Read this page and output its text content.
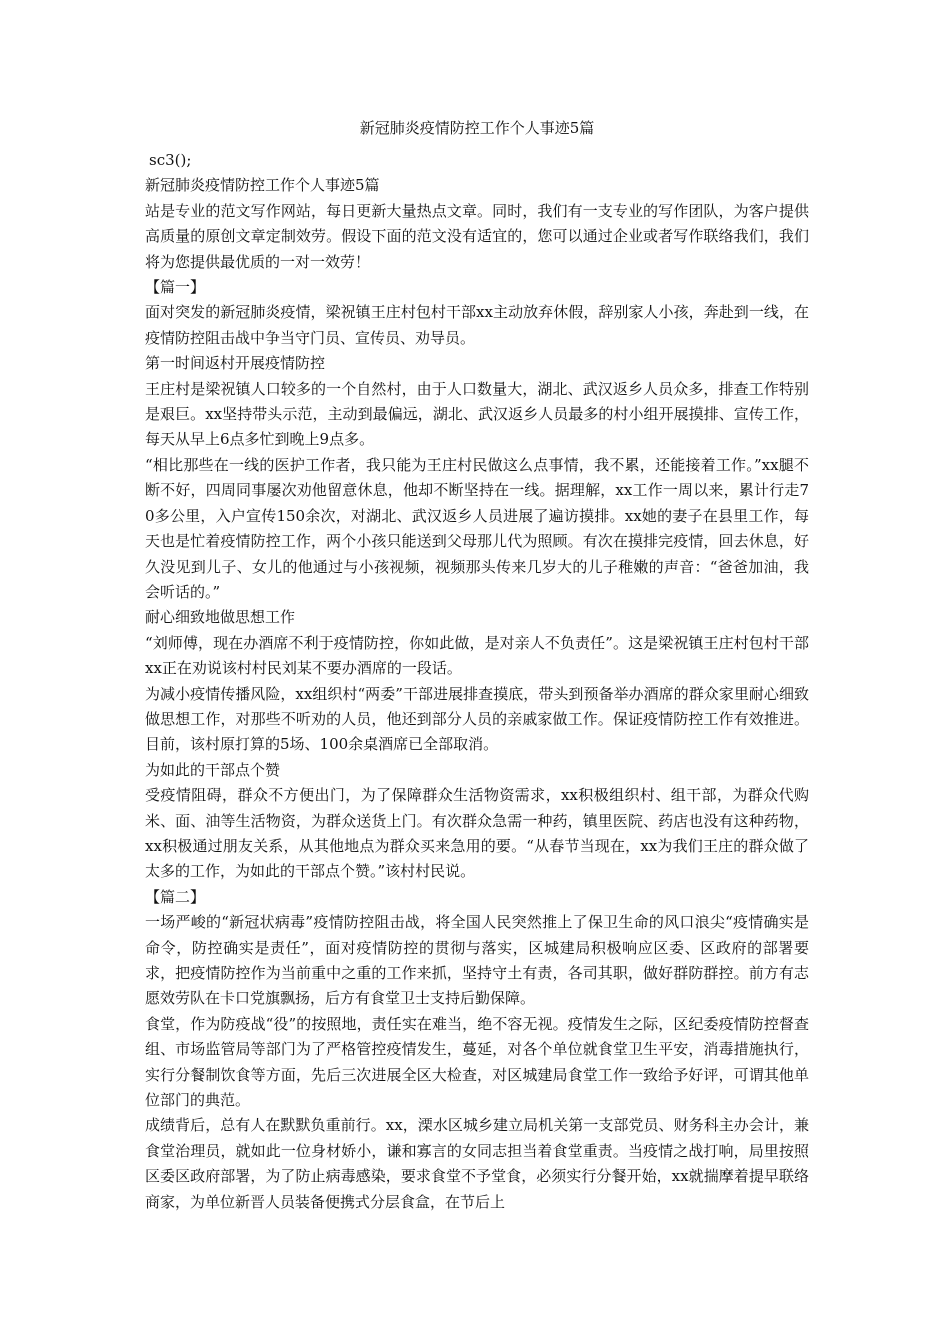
新冠肺炎疫情防控工作个人事迹5篇

sc3();

新冠肺炎疫情防控工作个人事迹5篇

站是专业的范文写作网站，每日更新大量热点文章。同时，我们有一支专业的写作团队，为客户提供高质量的原创文章定制效劳。假设下面的范文没有适宜的，您可以通过企业或者写作联络我们，我们将为您提供最优质的一对一效劳！

【篇一】

面对突发的新冠肺炎疫情，梁祝镇王庄村包村干部xx主动放弃休假，辞别家人小孩，奔赴到一线，在疫情防控阻击战中争当守门员、宣传员、劝导员。

第一时间返村开展疫情防控

王庄村是梁祝镇人口较多的一个自然村，由于人口数量大，湖北、武汉返乡人员众多，排查工作特别是艰巨。xx坚持带头示范，主动到最偏远，湖北、武汉返乡人员最多的村小组开展摸排、宣传工作，每天从早上6点多忙到晚上9点多。

“相比那些在一线的医护工作者，我只能为王庄村民做这么点事情，我不累，还能接着工作。”xx腿不断不好，四周同事屡次劝他留意休息，他却不断坚持在一线。据理解，xx工作一周以来，累计行走70多公里，入户宣传150余次，对湖北、武汉返乡人员进展了遍访摸排。xx她的妻子在县里工作，每天也是忙着疫情防控工作，两个小孩只能送到父母那儿代为照顾。有次在摸排完疫情，回去休息，好久没见到儿子、女儿的他通过与小孩视频，视频那头传来几岁大的儿子稚嫩的声音：“爸爸加油，我会听话的。”

耐心细致地做思想工作

“刘师傅，现在办酒席不利于疫情防控，你如此做，是对亲人不负责任”。这是梁祝镇王庄村包村干部xx正在劝说该村村民刘某不要办酒席的一段话。

为减小疫情传播风险，xx组织村“两委”干部进展排查摸底，带头到预备举办酒席的群众家里耐心细致做思想工作，对那些不听劝的人员，他还到部分人员的亲戚家做工作。保证疫情防控工作有效推进。目前，该村原打算的5场、100余桌酒席已全部取消。

为如此的干部点个赞

受疫情阻碍，群众不方便出门，为了保障群众生活物资需求，xx积极组织村、组干部，为群众代购米、面、油等生活物资，为群众送货上门。有次群众急需一种药，镇里医院、药店也没有这种药物，xx积极通过朋友关系，从其他地点为群众买来急用的要。“从春节当现在，xx为我们王庄的群众做了太多的工作，为如此的干部点个赞。”该村村民说。

【篇二】

一场严峻的“新冠状病毒”疫情防控阻击战，将全国人民突然推上了保卫生命的风口浪尖“疫情确实是命令，防控确实是责任”，面对疫情防控的贯彻与落实，区城建局积极响应区委、区政府的部署要求，把疫情防控作为当前重中之重的工作来抓，坚持守土有责，各司其职，做好群防群控。前方有志愿效劳队在卡口党旗飘扬，后方有食堂卫士支持后勤保障。

食堂，作为防疫战“役”的按照地，责任实在难当，绝不容无视。疫情发生之际，区纪委疫情防控督查组、市场监管局等部门为了严格管控疫情发生，蔓延，对各个单位就食堂卫生平安，消毒措施执行，实行分餐制饮食等方面，先后三次进展全区大检查，对区城建局食堂工作一致给予好评，可谓其他单位部门的典范。

成绩背后，总有人在默默负重前行。xx，溧水区城乡建立局机关第一支部党员、财务科主办会计，兼食堂治理员，就如此一位身材娇小，谦和寡言的女同志担当着食堂重责。当疫情之战打响，局里按照区委区政府部署，为了防止病毒感染，要求食堂不予堂食，必须实行分餐开始，xx就揣摩着提早联络商家，为单位新晋人员装备便携式分层食盒，在节后上
